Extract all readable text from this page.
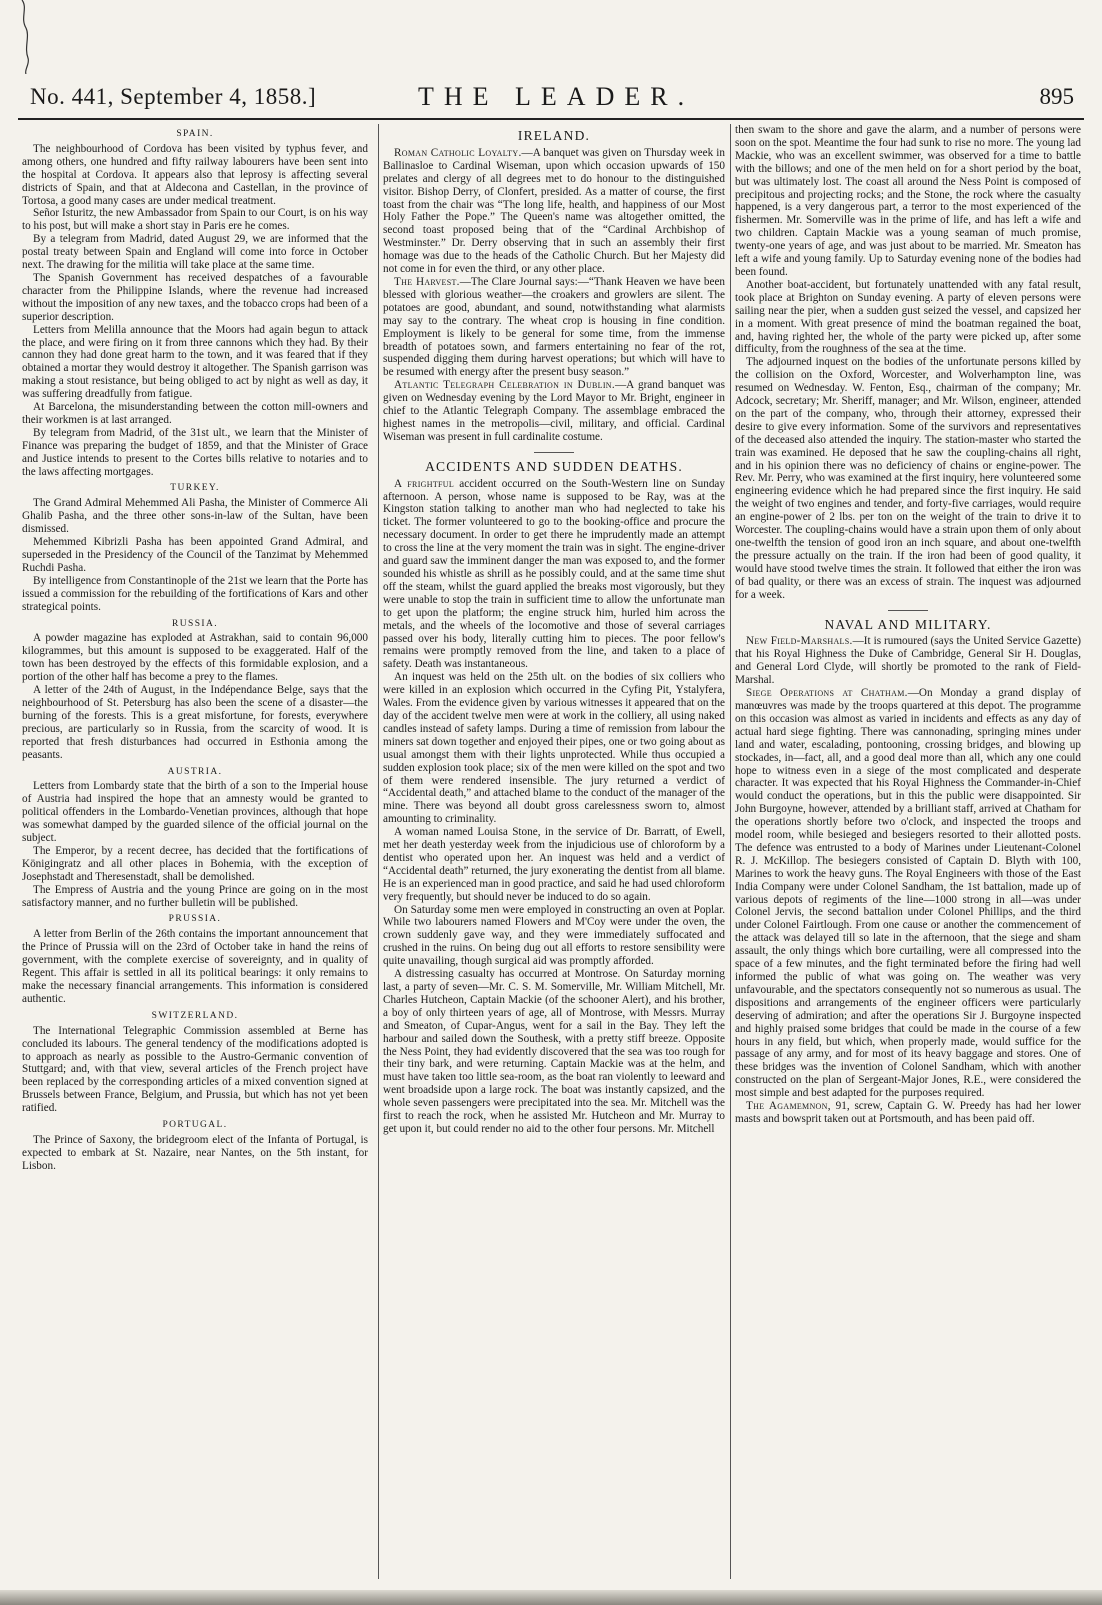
No. 441, September 4, 1858.]	THE LEADER.	895
SPAIN.

The neighbourhood of Cordova has been visited by typhus fever, and among others, one hundred and fifty railway labourers have been sent into the hospital at Cordova. It appears also that leprosy is affecting several districts of Spain, and that at Aldecona and Castellan, in the province of Tortosa, a good many cases are under medical treatment.

Señor Isturitz, the new Ambassador from Spain to our Court, is on his way to his post, but will make a short stay in Paris ere he comes.

By a telegram from Madrid, dated August 29, we are informed that the postal treaty between Spain and England will come into force in October next. The drawing for the militia will take place at the same time.

The Spanish Government has received despatches of a favourable character from the Philippine Islands, where the revenue had increased without the imposition of any new taxes, and the tobacco crops had been of a superior description.

Letters from Melilla announce that the Moors had again begun to attack the place, and were firing on it from three cannons which they had. By their cannon they had done great harm to the town, and it was feared that if they obtained a mortar they would destroy it altogether. The Spanish garrison was making a stout resistance, but being obliged to act by night as well as day, it was suffering dreadfully from fatigue.

At Barcelona, the misunderstanding between the cotton mill-owners and their workmen is at last arranged.

By telegram from Madrid, of the 31st ult., we learn that the Minister of Finance was preparing the budget of 1859, and that the Minister of Grace and Justice intends to present to the Cortes bills relative to notaries and to the laws affecting mortgages.

TURKEY.

The Grand Admiral Mehemmed Ali Pasha, the Minister of Commerce Ali Ghalib Pasha, and the three other sons-in-law of the Sultan, have been dismissed.

Mehemmed Kibrizli Pasha has been appointed Grand Admiral, and superseded in the Presidency of the Council of the Tanzimat by Mehemmed Ruchdi Pasha.

By intelligence from Constantinople of the 21st we learn that the Porte has issued a commission for the rebuilding of the fortifications of Kars and other strategical points.

RUSSIA.

A powder magazine has exploded at Astrakhan, said to contain 96,000 kilogrammes, but this amount is supposed to be exaggerated. Half of the town has been destroyed by the effects of this formidable explosion, and a portion of the other half has become a prey to the flames.

A letter of the 24th of August, in the Indépendance Belge, says that the neighbourhood of St. Petersburg has also been the scene of a disaster—the burning of the forests. This is a great misfortune, for forests, everywhere precious, are particularly so in Russia, from the scarcity of wood. It is reported that fresh disturbances had occurred in Esthonia among the peasants.

AUSTRIA.

Letters from Lombardy state that the birth of a son to the Imperial house of Austria had inspired the hope that an amnesty would be granted to political offenders in the Lombardo-Venetian provinces, although that hope was somewhat damped by the guarded silence of the official journal on the subject.

The Emperor, by a recent decree, has decided that the fortifications of Königingratz and all other places in Bohemia, with the exception of Josephstadt and Theresenstadt, shall be demolished.

The Empress of Austria and the young Prince are going on in the most satisfactory manner, and no further bulletin will be published.

PRUSSIA.

A letter from Berlin of the 26th contains the important announcement that the Prince of Prussia will on the 23rd of October take in hand the reins of government, with the complete exercise of sovereignty, and in quality of Regent. This affair is settled in all its political bearings: it only remains to make the necessary financial arrangements. This information is considered authentic.

SWITZERLAND.

The International Telegraphic Commission assembled at Berne has concluded its labours. The general tendency of the modifications adopted is to approach as nearly as possible to the Austro-Germanic convention of Stuttgard; and, with that view, several articles of the French project have been replaced by the corresponding articles of a mixed convention signed at Brussels between France, Belgium, and Prussia, but which has not yet been ratified.

PORTUGAL.

The Prince of Saxony, the bridegroom elect of the Infanta of Portugal, is expected to embark at St. Nazaire, near Nantes, on the 5th instant, for Lisbon.

IRELAND.

Roman Catholic Loyalty.—A banquet was given on Thursday week in Ballinasloe to Cardinal Wiseman, upon which occasion upwards of 150 prelates and clergy of all degrees met to do honour to the distinguished visitor. Bishop Derry, of Clonfert, presided. As a matter of course, the first toast from the chair was “The long life, health, and happiness of our Most Holy Father the Pope.” The Queen's name was altogether omitted, the second toast proposed being that of the “Cardinal Archbishop of Westminster.” Dr. Derry observing that in such an assembly their first homage was due to the heads of the Catholic Church. But her Majesty did not come in for even the third, or any other place.

The Harvest.—The Clare Journal says:—“Thank Heaven we have been blessed with glorious weather—the croakers and growlers are silent. The potatoes are good, abundant, and sound, notwithstanding what alarmists may say to the contrary. The wheat crop is housing in fine condition. Employment is likely to be general for some time, from the immense breadth of potatoes sown, and farmers entertaining no fear of the rot, suspended digging them during harvest operations; but which will have to be resumed with energy after the present busy season.”

Atlantic Telegraph Celebration in Dublin.—A grand banquet was given on Wednesday evening by the Lord Mayor to Mr. Bright, engineer in chief to the Atlantic Telegraph Company. The assemblage embraced the highest names in the metropolis—civil, military, and official. Cardinal Wiseman was present in full cardinalite costume.

ACCIDENTS AND SUDDEN DEATHS.

A frightful accident occurred on the South-Western line on Sunday afternoon. A person, whose name is supposed to be Ray, was at the Kingston station talking to another man who had neglected to take his ticket. The former volunteered to go to the booking-office and procure the necessary document. In order to get there he imprudently made an attempt to cross the line at the very moment the train was in sight. The engine-driver and guard saw the imminent danger the man was exposed to, and the former sounded his whistle as shrill as he possibly could, and at the same time shut off the steam, whilst the guard applied the breaks most vigorously, but they were unable to stop the train in sufficient time to allow the unfortunate man to get upon the platform; the engine struck him, hurled him across the metals, and the wheels of the locomotive and those of several carriages passed over his body, literally cutting him to pieces. The poor fellow's remains were promptly removed from the line, and taken to a place of safety. Death was instantaneous.

An inquest was held on the 25th ult. on the bodies of six colliers who were killed in an explosion which occurred in the Cyfing Pit, Ystalyfera, Wales. From the evidence given by various witnesses it appeared that on the day of the accident twelve men were at work in the colliery, all using naked candles instead of safety lamps. During a time of remission from labour the miners sat down together and enjoyed their pipes, one or two going about as usual amongst them with their lights unprotected. While thus occupied a sudden explosion took place; six of the men were killed on the spot and two of them were rendered insensible. The jury returned a verdict of “Accidental death,” and attached blame to the conduct of the manager of the mine. There was beyond all doubt gross carelessness sworn to, almost amounting to criminality.

A woman named Louisa Stone, in the service of Dr. Barratt, of Ewell, met her death yesterday week from the injudicious use of chloroform by a dentist who operated upon her. An inquest was held and a verdict of “Accidental death” returned, the jury exonerating the dentist from all blame. He is an experienced man in good practice, and said he had used chloroform very frequently, but should never be induced to do so again.

On Saturday some men were employed in constructing an oven at Poplar. While two labourers named Flowers and M'Coy were under the oven, the crown suddenly gave way, and they were immediately suffocated and crushed in the ruins. On being dug out all efforts to restore sensibility were quite unavailing, though surgical aid was promptly afforded.

A distressing casualty has occurred at Montrose. On Saturday morning last, a party of seven—Mr. C. S. M. Somerville, Mr. William Mitchell, Mr. Charles Hutcheon, Captain Mackie (of the schooner Alert), and his brother, a boy of only thirteen years of age, all of Montrose, with Messrs. Murray and Smeaton, of Cupar-Angus, went for a sail in the Bay. They left the harbour and sailed down the Southesk, with a pretty stiff breeze. Opposite the Ness Point, they had evidently discovered that the sea was too rough for their tiny bark, and were returning. Captain Mackie was at the helm, and must have taken too little sea-room, as the boat ran violently to leeward and went broadside upon a large rock. The boat was instantly capsized, and the whole seven passengers were precipitated into the sea. Mr. Mitchell was the first to reach the rock, when he assisted Mr. Hutcheon and Mr. Murray to get upon it, but could render no aid to the other four persons. Mr. Mitchell

then swam to the shore and gave the alarm, and a number of persons were soon on the spot. Meantime the four had sunk to rise no more. The young lad Mackie, who was an excellent swimmer, was observed for a time to battle with the billows; and one of the men held on for a short period by the boat, but was ultimately lost. The coast all around the Ness Point is composed of precipitous and projecting rocks; and the Stone, the rock where the casualty happened, is a very dangerous part, a terror to the most experienced of the fishermen. Mr. Somerville was in the prime of life, and has left a wife and two children. Captain Mackie was a young seaman of much promise, twenty-one years of age, and was just about to be married. Mr. Smeaton has left a wife and young family. Up to Saturday evening none of the bodies had been found.

Another boat-accident, but fortunately unattended with any fatal result, took place at Brighton on Sunday evening. A party of eleven persons were sailing near the pier, when a sudden gust seized the vessel, and capsized her in a moment. With great presence of mind the boatman regained the boat, and, having righted her, the whole of the party were picked up, after some difficulty, from the roughness of the sea at the time.

The adjourned inquest on the bodies of the unfortunate persons killed by the collision on the Oxford, Worcester, and Wolverhampton line, was resumed on Wednesday. W. Fenton, Esq., chairman of the company; Mr. Adcock, secretary; Mr. Sheriff, manager; and Mr. Wilson, engineer, attended on the part of the company, who, through their attorney, expressed their desire to give every information. Some of the survivors and representatives of the deceased also attended the inquiry. The station-master who started the train was examined. He deposed that he saw the coupling-chains all right, and in his opinion there was no deficiency of chains or engine-power. The Rev. Mr. Perry, who was examined at the first inquiry, here volunteered some engineering evidence which he had prepared since the first inquiry. He said the weight of two engines and tender, and forty-five carriages, would require an engine-power of 2 lbs. per ton on the weight of the train to drive it to Worcester. The coupling-chains would have a strain upon them of only about one-twelfth the tension of good iron an inch square, and about one-twelfth the pressure actually on the train. If the iron had been of good quality, it would have stood twelve times the strain. It followed that either the iron was of bad quality, or there was an excess of strain. The inquest was adjourned for a week.

NAVAL AND MILITARY.

New Field-Marshals.—It is rumoured (says the United Service Gazette) that his Royal Highness the Duke of Cambridge, General Sir H. Douglas, and General Lord Clyde, will shortly be promoted to the rank of Field-Marshal.

Siege Operations at Chatham.—On Monday a grand display of manœuvres was made by the troops quartered at this depot. The programme on this occasion was almost as varied in incidents and effects as any day of actual hard siege fighting. There was cannonading, springing mines under land and water, escalading, pontooning, crossing bridges, and blowing up stockades, in—fact, all, and a good deal more than all, which any one could hope to witness even in a siege of the most complicated and desperate character. It was expected that his Royal Highness the Commander-in-Chief would conduct the operations, but in this the public were disappointed. Sir John Burgoyne, however, attended by a brilliant staff, arrived at Chatham for the operations shortly before two o'clock, and inspected the troops and model room, while besieged and besiegers resorted to their allotted posts. The defence was entrusted to a body of Marines under Lieutenant-Colonel R. J. McKillop. The besiegers consisted of Captain D. Blyth with 100, Marines to work the heavy guns. The Royal Engineers with those of the East India Company were under Colonel Sandham, the 1st battalion, made up of various depots of regiments of the line—1000 strong in all—was under Colonel Jervis, the second battalion under Colonel Phillips, and the third under Colonel Fairtlough. From one cause or another the commencement of the attack was delayed till so late in the afternoon, that the siege and sham assault, the only things which bore curtailing, were all compressed into the space of a few minutes, and the fight terminated before the firing had well informed the public of what was going on. The weather was very unfavourable, and the spectators consequently not so numerous as usual. The dispositions and arrangements of the engineer officers were particularly deserving of admiration; and after the operations Sir J. Burgoyne inspected and highly praised some bridges that could be made in the course of a few hours in any field, but which, when properly made, would suffice for the passage of any army, and for most of its heavy baggage and stores. One of these bridges was the invention of Colonel Sandham, which with another constructed on the plan of Sergeant-Major Jones, R.E., were considered the most simple and best adapted for the purposes required.

The Agamemnon, 91, screw, Captain G. W. Preedy has had her lower masts and bowsprit taken out at Portsmouth, and has been paid off.
